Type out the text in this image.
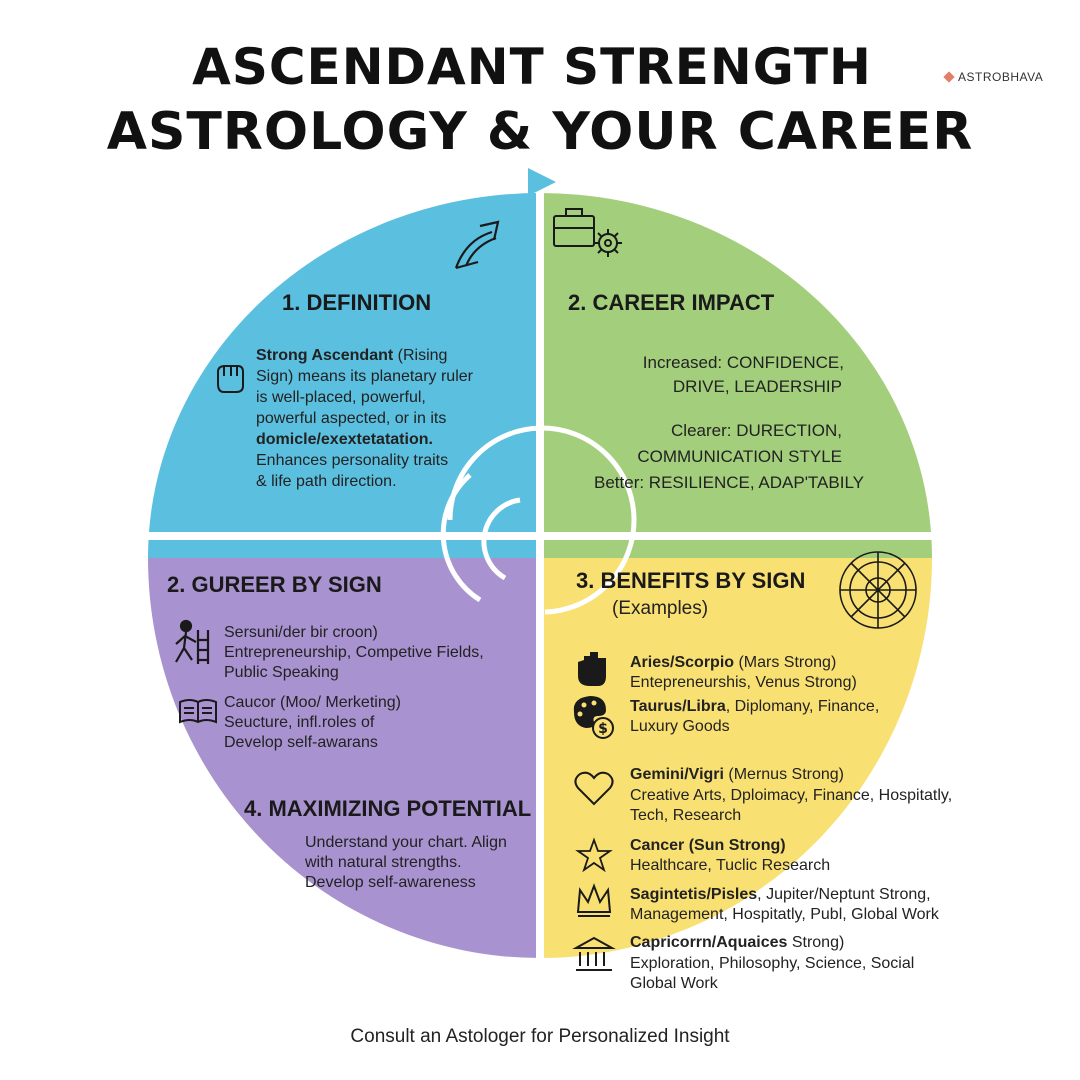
ASCENDANT STRENGTH
ASTROLOGY & YOUR CAREER
ASTROBHAVA
$
1. DEFINITION
Strong Ascendant (Rising
Sign) means its planetary ruler
is well-placed, powerful,
powerful aspected, or in its
domicle/exextetatation.
Enhances personality traits
& life path direction.
2. CAREER IMPACT
Increased: CONFIDENCE,
DRIVE, LEADERSHIP
Clearer: DURECTION,
COMMUNICATION STYLE
Better: RESILIENCE, ADAP'TABILY
2. GUREER BY SIGN
Sersuni/der bir croon)
Entrepreneurship, Competive Fields,
Public Speaking
Caucor (Moo/ Merketing)
Seucture, infl.roles of
Develop self-awarans
4. MAXIMIZING POTENTIAL
Understand your chart. Align
with natural strengths.
Develop self-awareness
3. BENEFITS BY SIGN
(Examples)
Aries/Scorpio (Mars Strong)
Entepreneurshis, Venus Strong)
Taurus/Libra, Diplomany, Finance,
Luxury Goods
Gemini/Vigri (Mernus Strong)
Creative Arts, Dploimacy, Finance, Hospitatly,
Tech, Research
Cancer (Sun Strong)
Healthcare, Tuclic Research
Sagintetis/Pisles, Jupiter/Neptunt Strong,
Management, Hospitatly, Publ, Global Work
Capricorrn/Aquaices Strong)
Exploration, Philosophy, Science, Social
Global Work
Consult an Astologer for Personalized Insight
